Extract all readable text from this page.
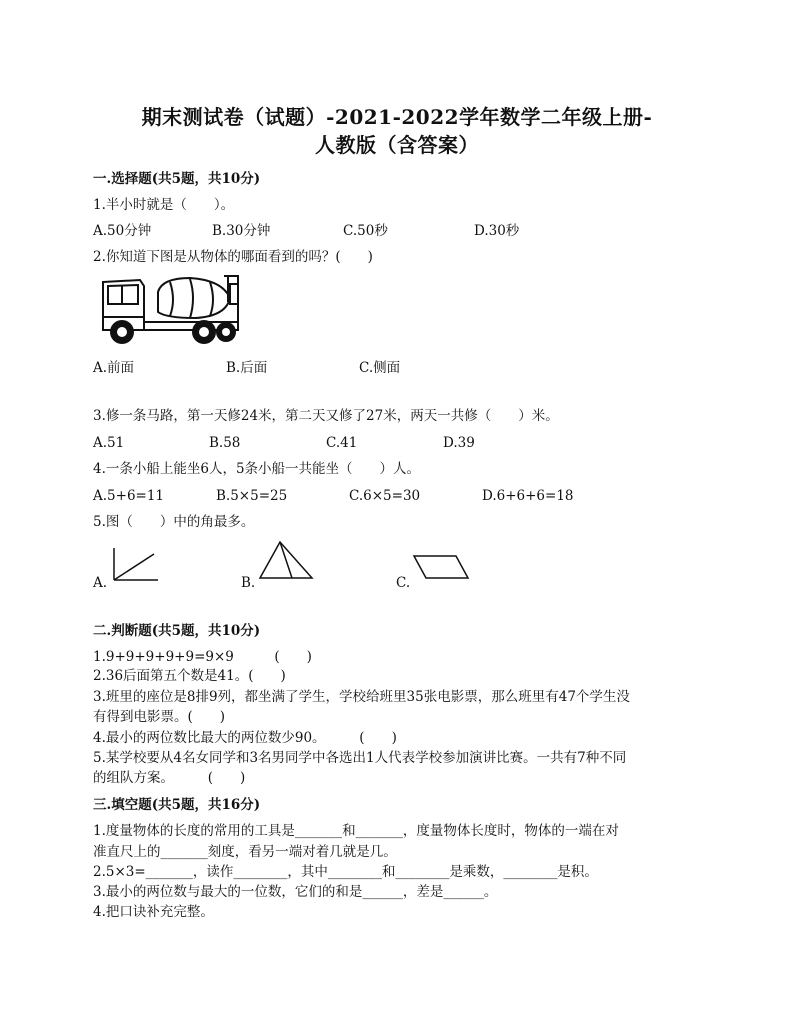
期末测试卷（试题）-2021-2022学年数学二年级上册-
人教版（含答案）
一.选择题(共5题，共10分)
1.半小时就是（　　）。
A.50分钟	B.30分钟	C.50秒	D.30秒
2.你知道下图是从物体的哪面看到的吗？(　　)
A.前面	B.后面	C.侧面
3.修一条马路，第一天修24米，第二天又修了27米，两天一共修（　　）米。
A.51	B.58	C.41	D.39
4.一条小船上能坐6人，5条小船一共能坐（　　）人。
A.5+6=11	B.5×5=25	C.6×5=30	D.6+6+6=18
5.图（　　）中的角最多。
A.	B.	C.
二.判断题(共5题，共10分)
1.9+9+9+9+9=9×9　　　(　　)
2.36后面第五个数是41。(　　)
3.班里的座位是8排9列，都坐满了学生，学校给班里35张电影票，那么班里有47个学生没
有得到电影票。(　　)
4.最小的两位数比最大的两位数少90。　　　(　　)
5.某学校要从4名女同学和3名男同学中各选出1人代表学校参加演讲比赛。一共有7种不同
的组队方案。　　　(　　)
三.填空题(共5题，共16分)
1.度量物体的长度的常用的工具是_______和_______，度量物体长度时，物体的一端在对
准直尺上的_______刻度，看另一端对着几就是几。
2.5×3=_______，读作________，其中________和________是乘数，________是积。
3.最小的两位数与最大的一位数，它们的和是______，差是______。
4.把口诀补充完整。
